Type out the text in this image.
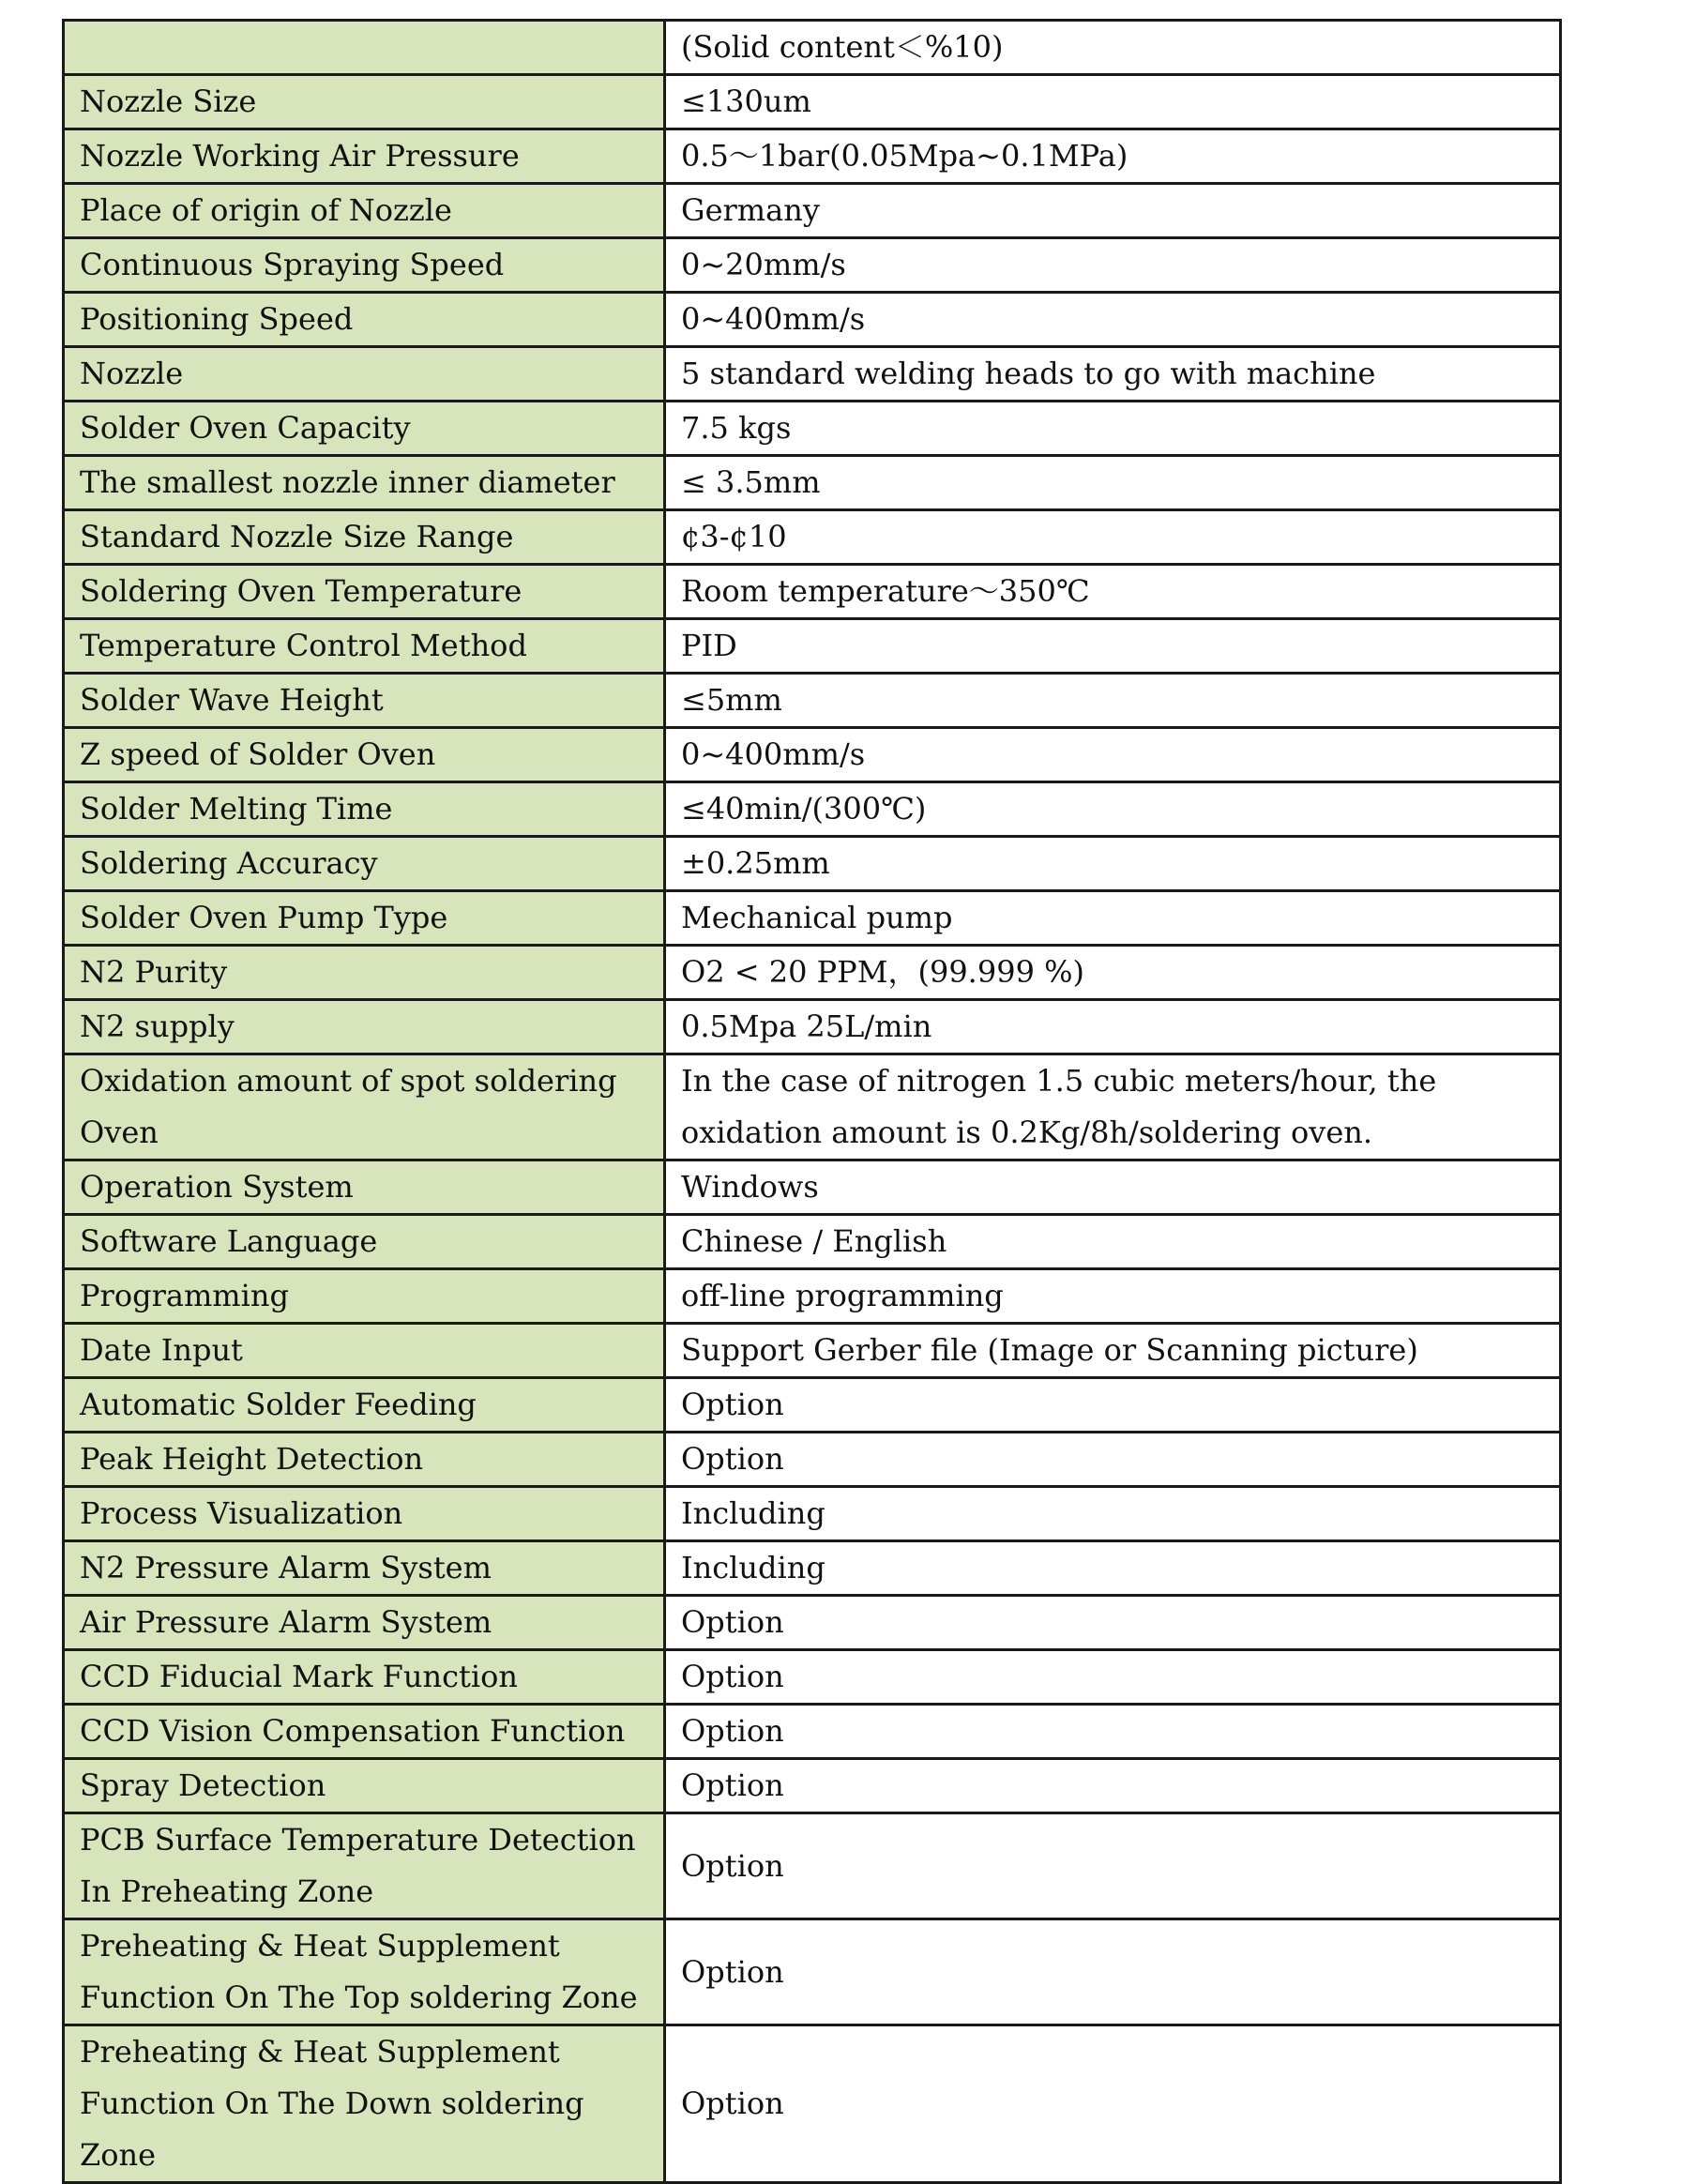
	(Solid content＜%10)
Nozzle Size	≤130um
Nozzle Working Air Pressure	0.5～1bar(0.05Mpa~0.1MPa)
Place of origin of Nozzle	Germany
Continuous Spraying Speed	0~20mm/s
Positioning Speed	0~400mm/s
Nozzle	5 standard welding heads to go with machine
Solder Oven Capacity	7.5 kgs
The smallest nozzle inner diameter	≤ 3.5mm
Standard Nozzle Size Range	¢3-¢10
Soldering Oven Temperature	Room temperature～350℃
Temperature Control Method	PID
Solder Wave Height	≤5mm
Z speed of Solder Oven	0~400mm/s
Solder Melting Time	≤40min/(300℃)
Soldering Accuracy	±0.25mm
Solder Oven Pump Type	Mechanical pump
N2 Purity	O2 < 20 PPM，(99.999 %)
N2 supply	0.5Mpa 25L/min
Oxidation amount of spot soldering Oven	In the case of nitrogen 1.5 cubic meters/hour, the oxidation amount is 0.2Kg/8h/soldering oven.
Operation System	Windows
Software Language	Chinese / English
Programming	off-line programming
Date Input	Support Gerber file (Image or Scanning picture)
Automatic Solder Feeding	Option
Peak Height Detection	Option
Process Visualization	Including
N2 Pressure Alarm System	Including
Air Pressure Alarm System	Option
CCD Fiducial Mark Function	Option
CCD Vision Compensation Function	Option
Spray Detection	Option
PCB Surface Temperature Detection In Preheating Zone	Option
Preheating & Heat Supplement Function On The Top soldering Zone	Option
Preheating & Heat Supplement Function On The Down soldering Zone	Option
